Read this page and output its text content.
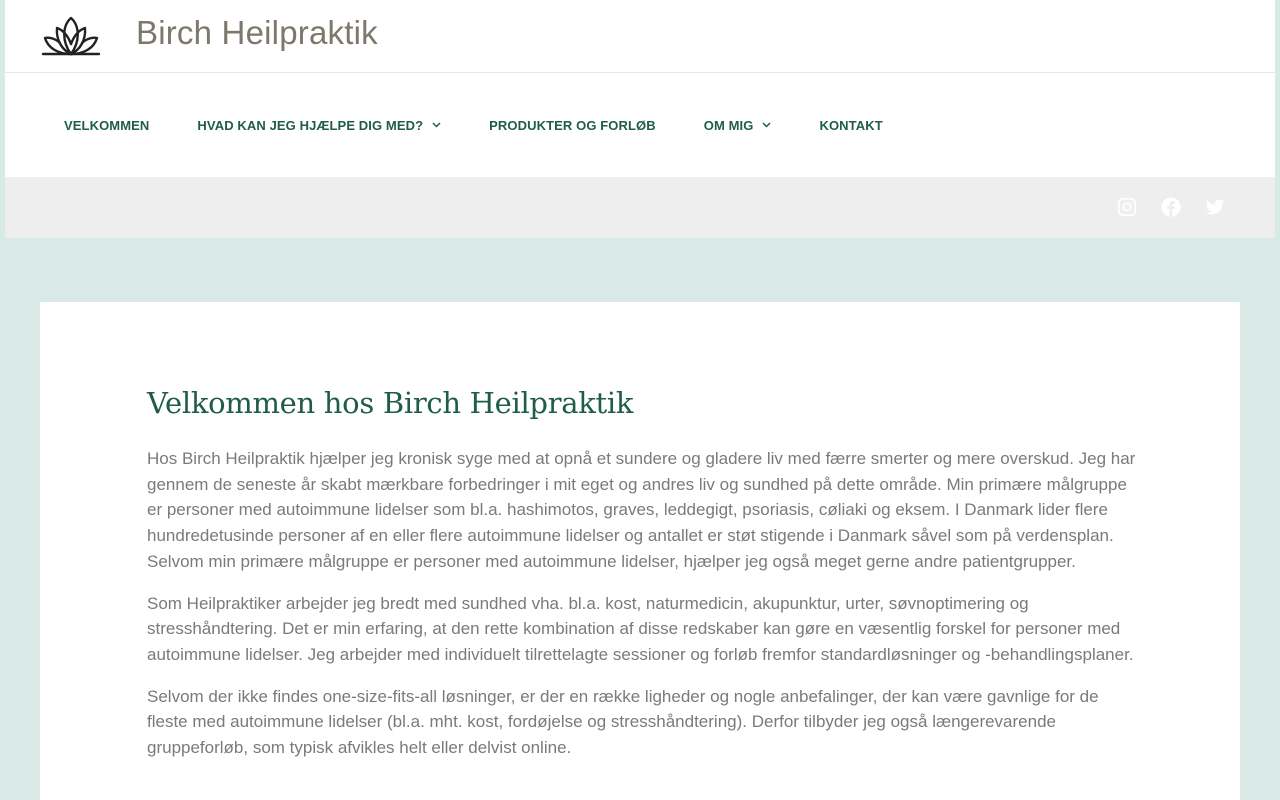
Birch Heilpraktik
VELKOMMEN	HVAD KAN JEG HJÆLPE DIG MED?	PRODUKTER OG FORLØB	OM MIG	KONTAKT
Velkommen hos Birch Heilpraktik

Hos Birch Heilpraktik hjælper jeg kronisk syge med at opnå et sundere og gladere liv med færre smerter og mere overskud. Jeg har gennem de seneste år skabt mærkbare forbedringer i mit eget og andres liv og sundhed på dette område. Min primære målgruppe er personer med autoimmune lidelser som bl.a. hashimotos, graves, leddegigt, psoriasis, cøliaki og eksem. I Danmark lider flere hundredetusinde personer af en eller flere autoimmune lidelser og antallet er støt stigende i Danmark såvel som på verdensplan. Selvom min primære målgruppe er personer med autoimmune lidelser, hjælper jeg også meget gerne andre patientgrupper.

Som Heilpraktiker arbejder jeg bredt med sundhed vha. bl.a. kost, naturmedicin, akupunktur, urter, søvnoptimering og stresshåndtering. Det er min erfaring, at den rette kombination af disse redskaber kan gøre en væsentlig forskel for personer med autoimmune lidelser. Jeg arbejder med individuelt tilrettelagte sessioner og forløb fremfor standardløsninger og -behandlingsplaner.

Selvom der ikke findes one-size-fits-all løsninger, er der en række ligheder og nogle anbefalinger, der kan være gavnlige for de fleste med autoimmune lidelser (bl.a. mht. kost, fordøjelse og stresshåndtering). Derfor tilbyder jeg også længerevarende gruppeforløb, som typisk afvikles helt eller delvist online.
